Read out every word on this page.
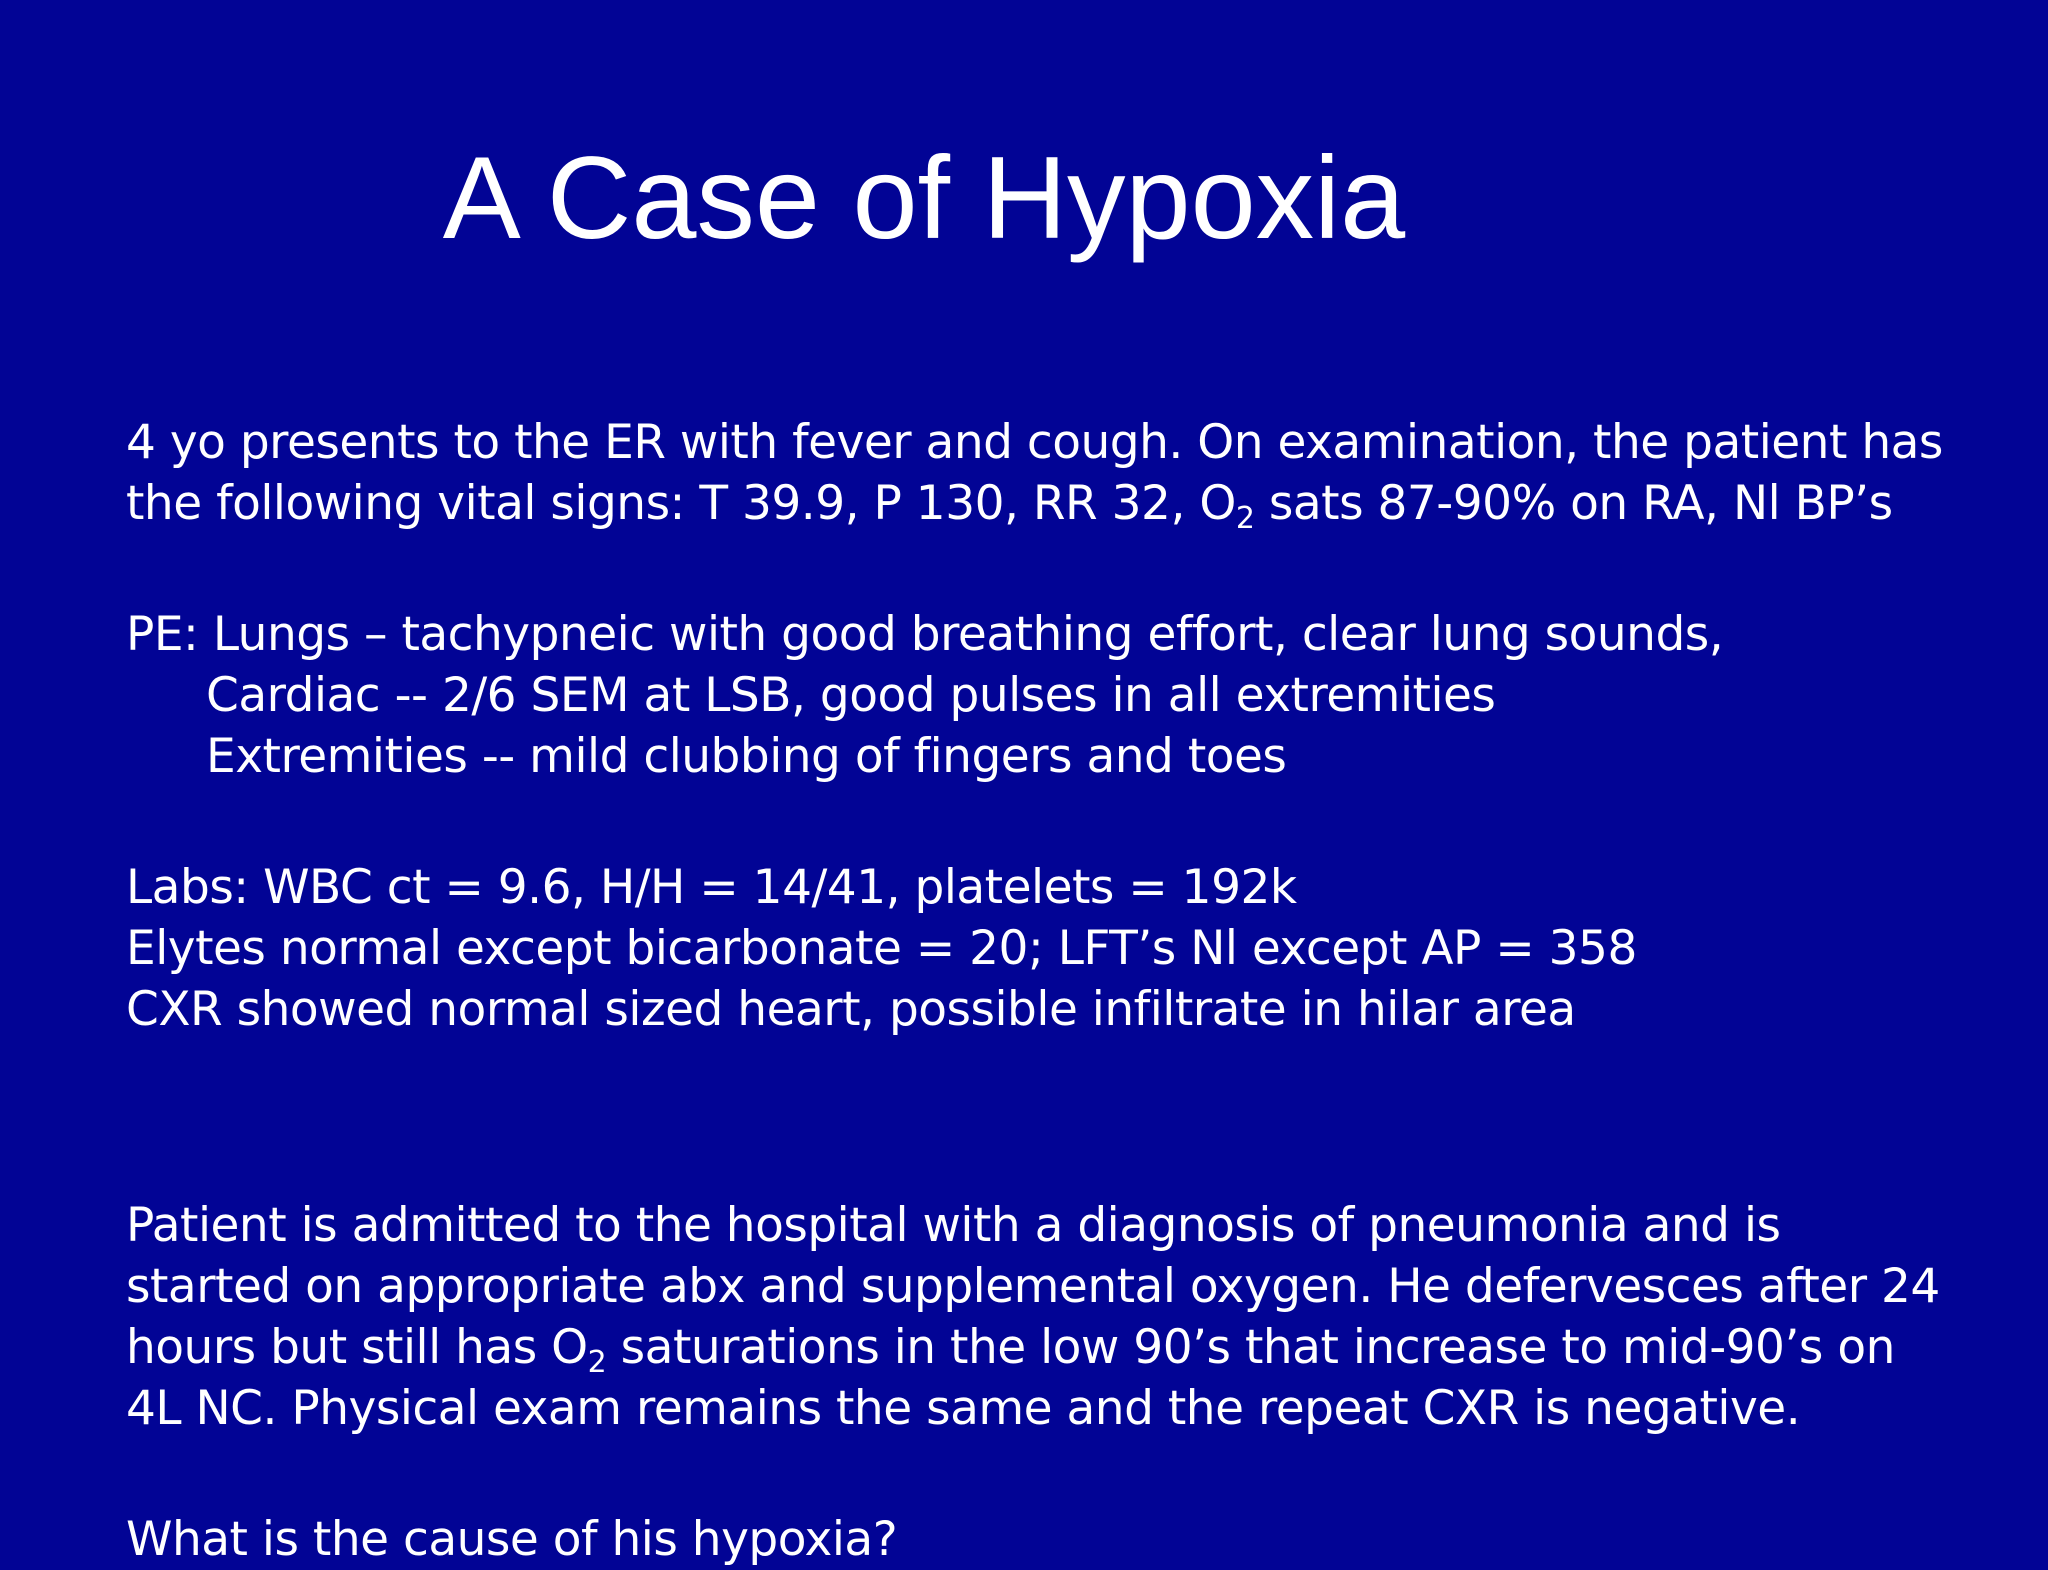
A Case of Hypoxia
4 yo presents to the ER with fever and cough. On examination, the patient has
the following vital signs: T 39.9, P 130, RR 32, $O_2$ sats 87-90% on RA, Nl BP’s
PE: Lungs – tachypneic with good breathing effort, clear lung sounds,
Cardiac -- 2/6 SEM at LSB, good pulses in all extremities
Extremities -- mild clubbing of fingers and toes
Labs: WBC ct = 9.6, H/H = 14/41, platelets = 192k
Elytes normal except bicarbonate = 20; LFT’s Nl except AP = 358
CXR showed normal sized heart, possible infiltrate in hilar area
Patient is admitted to the hospital with a diagnosis of pneumonia and is
started on appropriate abx and supplemental oxygen. He defervesces after 24
hours but still has $O_2$ saturations in the low 90’s that increase to mid-90’s on
4L NC. Physical exam remains the same and the repeat CXR is negative.
What is the cause of his hypoxia?
